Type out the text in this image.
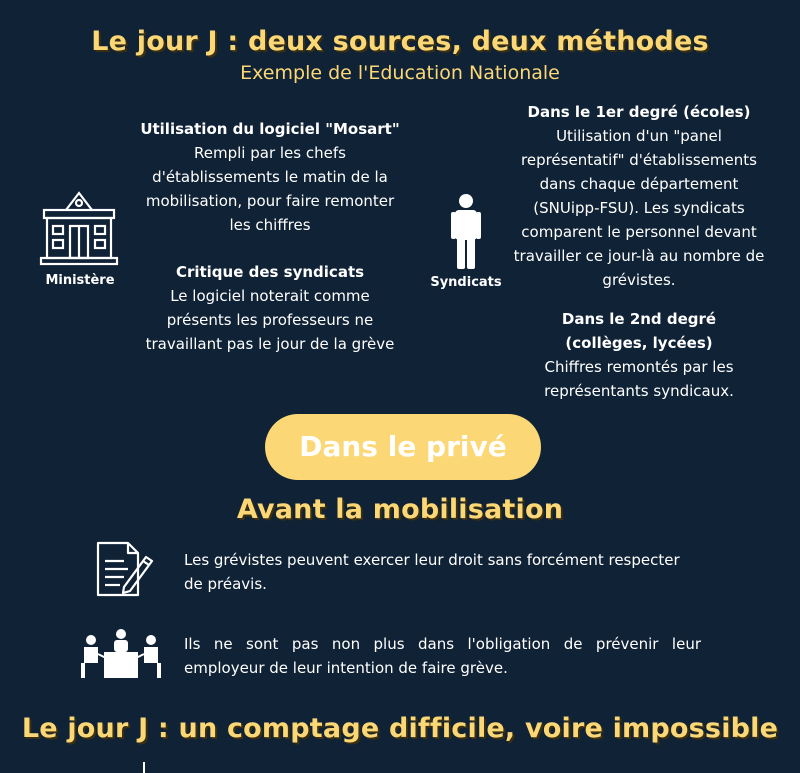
Le jour J : deux sources, deux méthodes
Exemple de l'Education Nationale
Ministère
Utilisation du logiciel "Mosart"
Rempli par les chefs
d'établissements le matin de la
mobilisation, pour faire remonter
les chiffres
Critique des syndicats
Le logiciel noterait comme
présents les professeurs ne
travaillant pas le jour de la grève
Syndicats
Dans le 1er degré (écoles)
Utilisation d'un "panel
représentatif" d'établissements
dans chaque département
(SNUipp-FSU). Les syndicats
comparent le personnel devant
travailler ce jour-là au nombre de
grévistes.
Dans le 2nd degré
(collèges, lycées)
Chiffres remontés par les
représentants syndicaux.
Dans le privé
Avant la mobilisation
Les grévistes peuvent exercer leur droit sans forcément respecter
de préavis.
Ils ne sont pas non plus dans l'obligation de prévenir leur
employeur de leur intention de faire grève.
Le jour J : un comptage difficile, voire impossible
